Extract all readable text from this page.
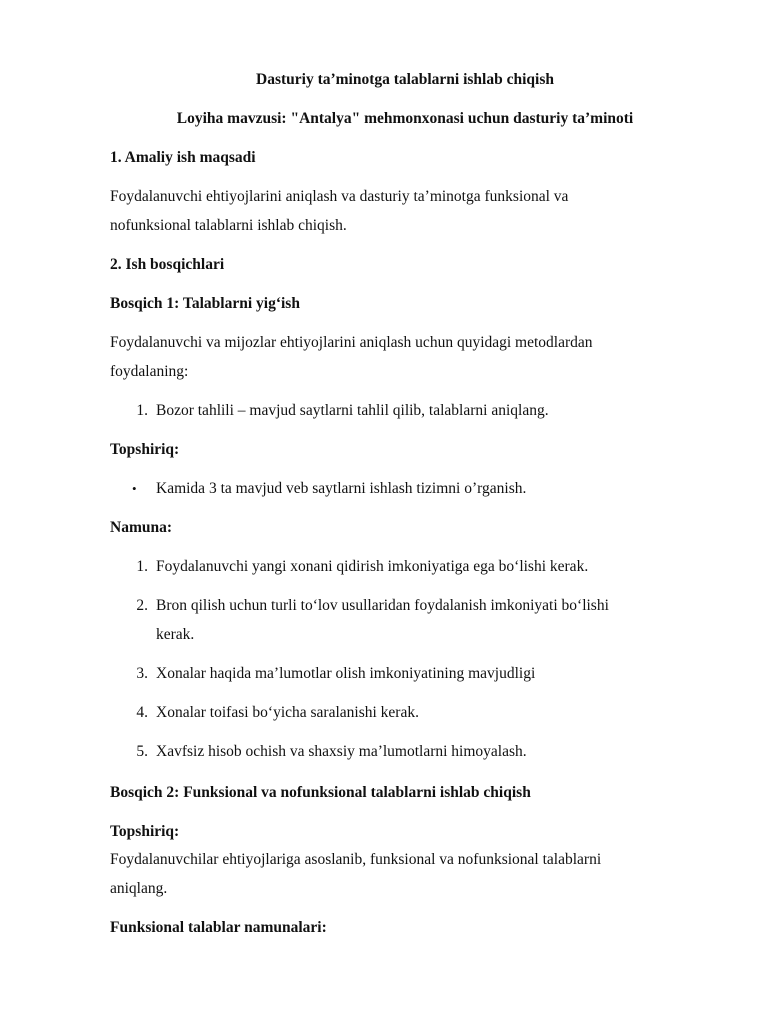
Dasturiy ta’minotga talablarni ishlab chiqish
Loyiha mavzusi: "Antalya" mehmonxonasi uchun dasturiy ta’minoti
1. Amaliy ish maqsadi
Foydalanuvchi ehtiyojlarini aniqlash va dasturiy ta’minotga funksional va
nofunksional talablarni ishlab chiqish.
2. Ish bosqichlari
Bosqich 1: Talablarni yig‘ish
Foydalanuvchi va mijozlar ehtiyojlarini aniqlash uchun quyidagi metodlardan
foydalaning:
1. Bozor tahlili – mavjud saytlarni tahlil qilib, talablarni aniqlang.
Topshiriq:
• Kamida 3 ta mavjud veb saytlarni ishlash tizimni o’rganish.
Namuna:
1. Foydalanuvchi yangi xonani qidirish imkoniyatiga ega bo‘lishi kerak.
2. Bron qilish uchun turli to‘lov usullaridan foydalanish imkoniyati bo‘lishi
kerak.
3. Xonalar haqida ma’lumotlar olish imkoniyatining mavjudligi
4. Xonalar toifasi bo‘yicha saralanishi kerak.
5. Xavfsiz hisob ochish va shaxsiy ma’lumotlarni himoyalash.
Bosqich 2: Funksional va nofunksional talablarni ishlab chiqish
Topshiriq:
Foydalanuvchilar ehtiyojlariga asoslanib, funksional va nofunksional talablarni
aniqlang.
Funksional talablar namunalari:
